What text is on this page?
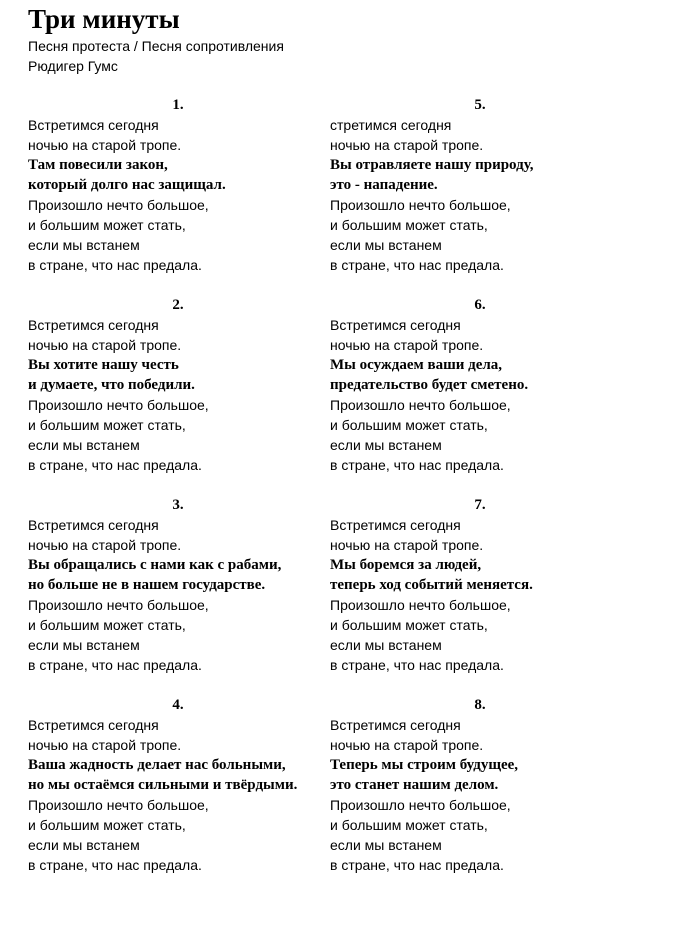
Три минуты
Песня протеста / Песня сопротивления
Рюдигер Гумс
1.
Встретимся сегодня
ночью на старой тропе.
Там повесили закон,
который долго нас защищал.
Произошло нечто большое,
и большим может стать,
если мы встанем
в стране, что нас предала.
2.
Встретимся сегодня
ночью на старой тропе.
Вы хотите нашу честь
и думаете, что победили.
Произошло нечто большое,
и большим может стать,
если мы встанем
в стране, что нас предала.
3.
Встретимся сегодня
ночью на старой тропе.
Вы обращались с нами как с рабами,
но больше не в нашем государстве.
Произошло нечто большое,
и большим может стать,
если мы встанем
в стране, что нас предала.
4.
Встретимся сегодня
ночью на старой тропе.
Ваша жадность делает нас больными,
но мы остаёмся сильными и твёрдыми.
Произошло нечто большое,
и большим может стать,
если мы встанем
в стране, что нас предала.
5.
стретимся сегодня
ночью на старой тропе.
Вы отравляете нашу природу,
это - нападение.
Произошло нечто большое,
и большим может стать,
если мы встанем
в стране, что нас предала.
6.
Встретимся сегодня
ночью на старой тропе.
Мы осуждаем ваши дела,
предательство будет сметено.
Произошло нечто большое,
и большим может стать,
если мы встанем
в стране, что нас предала.
7.
Встретимся сегодня
ночью на старой тропе.
Мы боремся за людей,
теперь ход событий меняется.
Произошло нечто большое,
и большим может стать,
если мы встанем
в стране, что нас предала.
8.
Встретимся сегодня
ночью на старой тропе.
Теперь мы строим будущее,
это станет нашим делом.
Произошло нечто большое,
и большим может стать,
если мы встанем
в стране, что нас предала.
